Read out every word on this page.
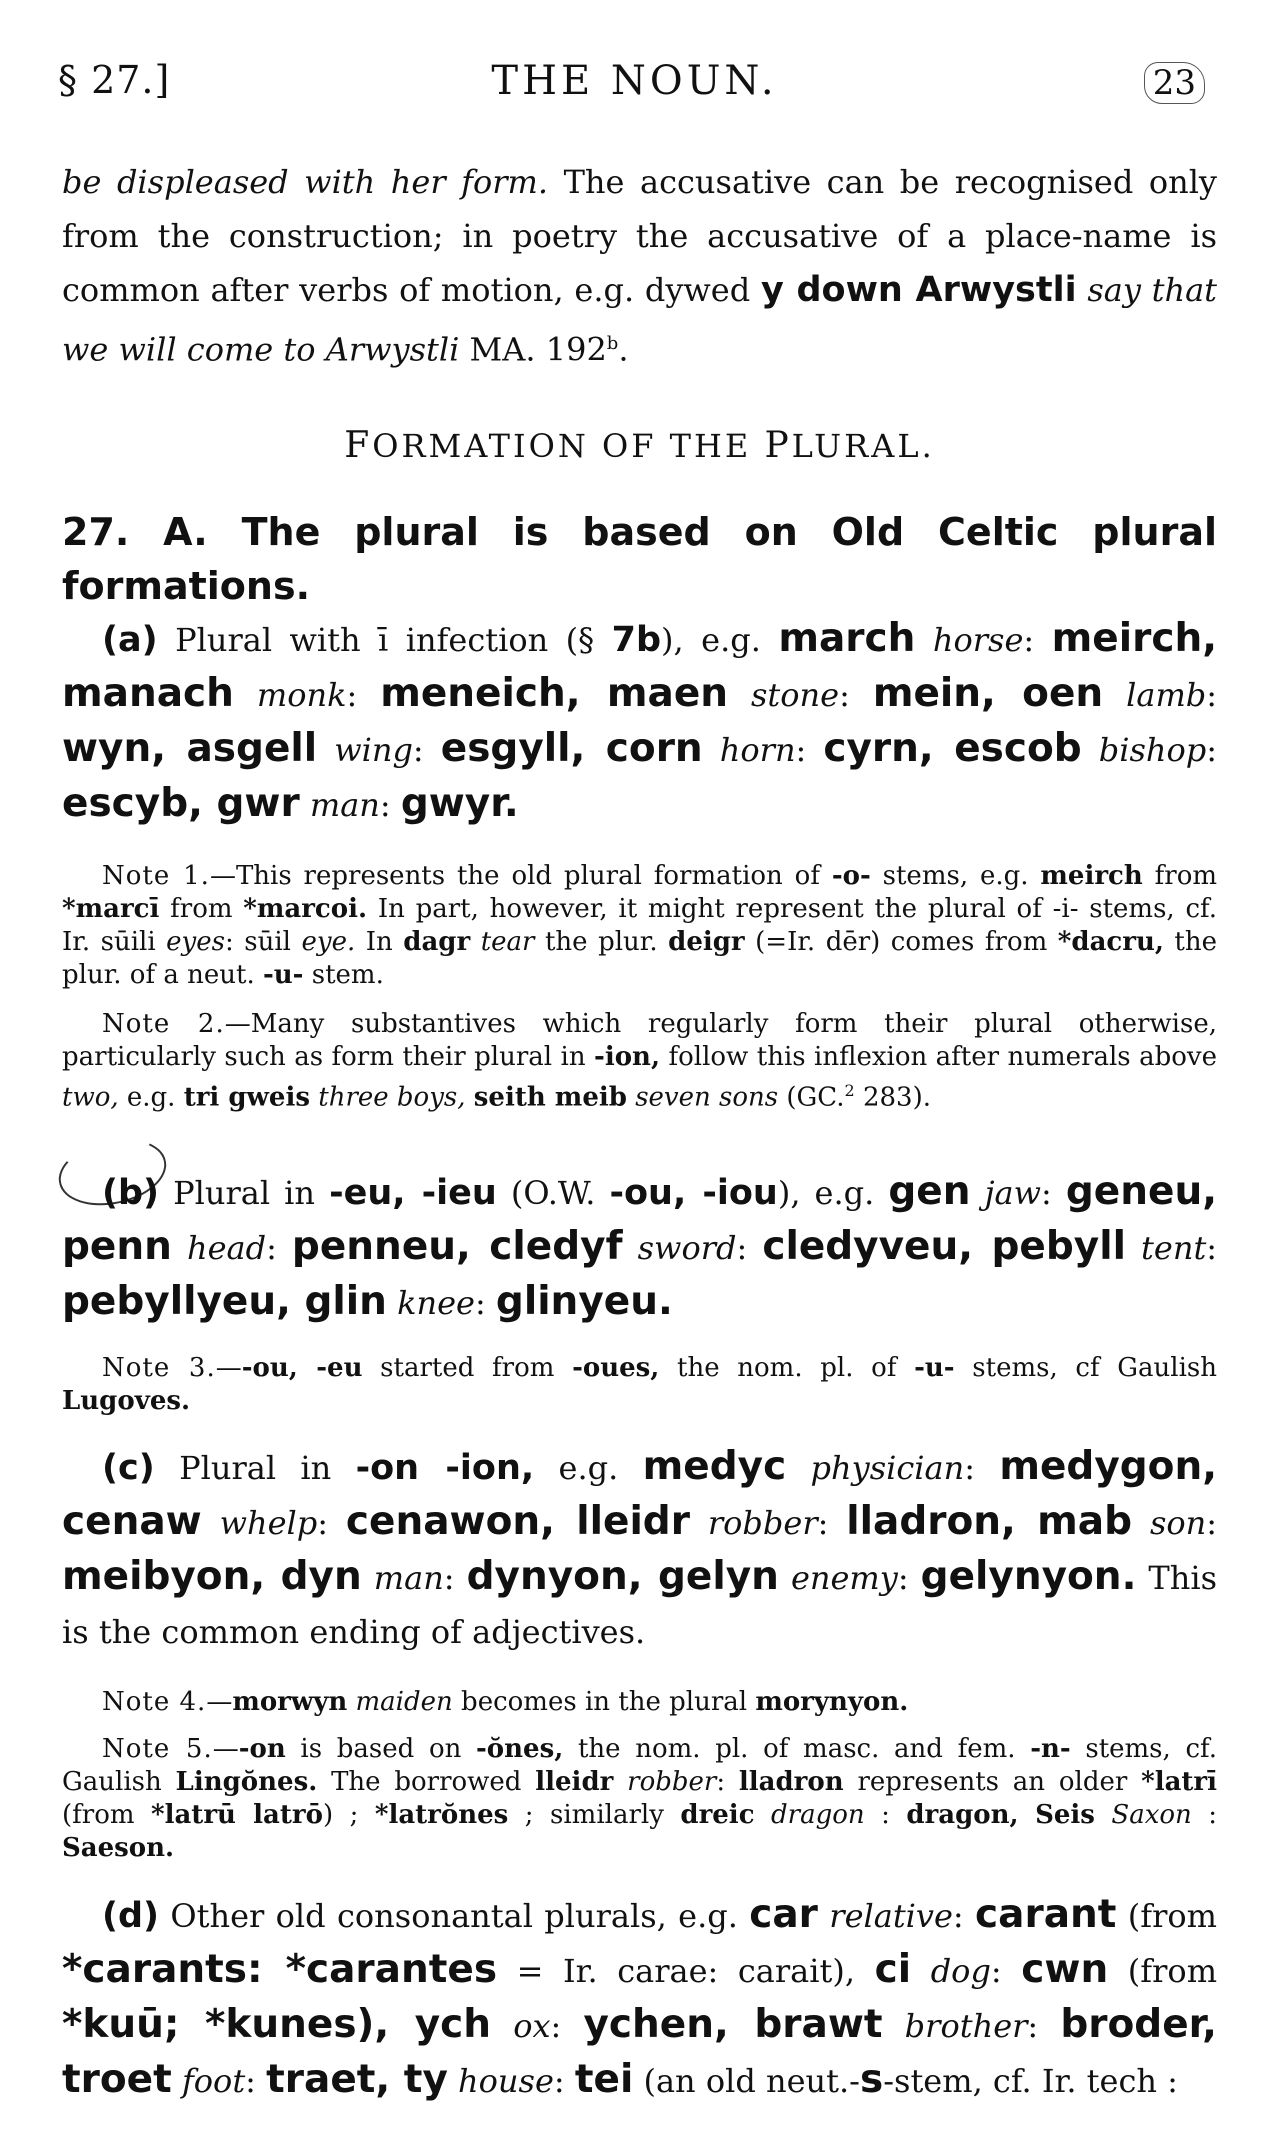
§ 27.]	THE NOUN.	23

be displeased with her form. The accusative can be recognised only from the construction; in poetry the accusative of a place-name is common after verbs of motion, e.g. dywed y down Arwystli say that we will come to Arwystli MA. 192$^b$.

FORMATION OF THE PLURAL.

27. A. The plural is based on Old Celtic plural formations.

(a) Plural with ī infection (§ 7b), e.g. march horse: meirch, manach monk: meneich, maen stone: mein, oen lamb: wyn, asgell wing: esgyll, corn horn: cyrn, escob bishop: escyb, gwr man: gwyr.

Note 1.—This represents the old plural formation of -o- stems, e.g. meirch from *marcī from *marcoi. In part, however, it might represent the plural of -i- stems, cf. Ir. sūili eyes: sūil eye. In dagr tear the plur. deigr (=Ir. dēr) comes from *dacru, the plur. of a neut. -u- stem.

Note 2.—Many substantives which regularly form their plural otherwise, particularly such as form their plural in -ion, follow this inflexion after numerals above two, e.g. tri gweis three boys, seith meib seven sons (GC.$^2$ 283).

(b) Plural in -eu, -ieu (O.W. -ou, -iou), e.g. gen jaw: geneu, penn head: penneu, cledyf sword: cledyveu, pebyll tent: pebyllyeu, glin knee: glinyeu.

Note 3.—-ou, -eu started from -oues, the nom. pl. of -u- stems, cf Gaulish Lugoves.

(c) Plural in -on -ion, e.g. medyc physician: medygon, cenaw whelp: cenawon, lleidr robber: lladron, mab son: meibyon, dyn man: dynyon, gelyn enemy: gelynyon. This is the common ending of adjectives.

Note 4.—morwyn maiden becomes in the plural morynyon.

Note 5.—-on is based on -ŏnes, the nom. pl. of masc. and fem. -n- stems, cf. Gaulish Lingŏnes. The borrowed lleidr robber: lladron represents an older *latrī (from *latrū latrō) ; *latrŏnes ; similarly dreic dragon : dragon, Seis Saxon : Saeson.

(d) Other old consonantal plurals, e.g. car relative: carant (from *carants: *carantes = Ir. carae: carait), ci dog: cwn (from *kuū; *kunes), ych ox: ychen, brawt brother: broder, troet foot: traet, ty house: tei (an old neut.-s-stem, cf. Ir. tech :
